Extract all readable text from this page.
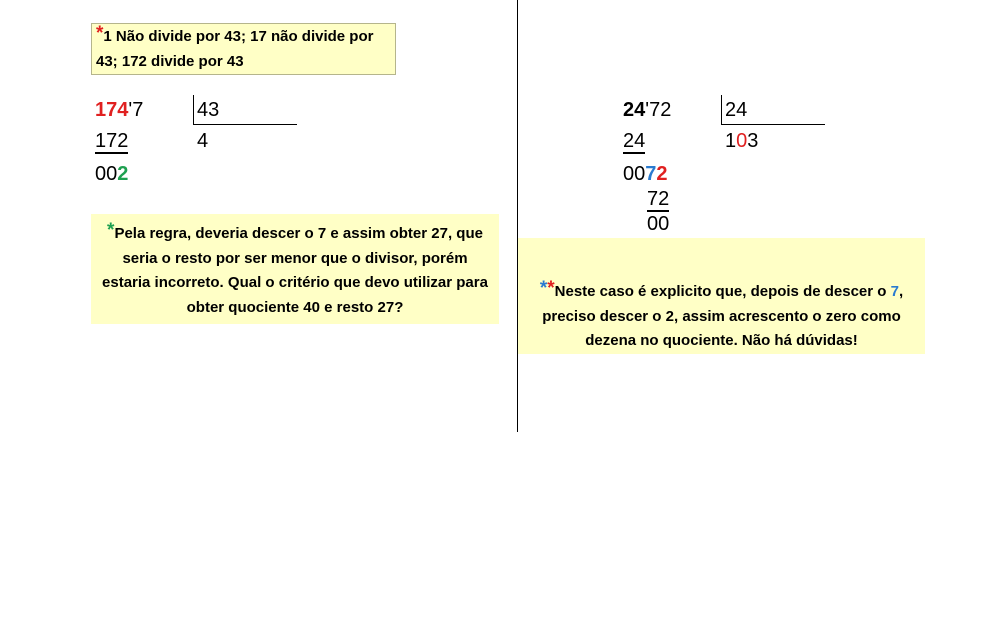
*1 Não divide por 43; 17 não divide por 43; 172 divide por 43
174'7	43
172	4
002
*Pela regra, deveria descer o 7 e assim obter 27, que seria o resto por ser menor que o divisor, porém estaria incorreto. Qual o critério que devo utilizar para obter quociente 40 e resto 27?
24'72	24
24	103
0072
72
00
**Neste caso é explicito que, depois de descer o 7, preciso descer o 2, assim acrescento o zero como dezena no quociente. Não há dúvidas!
